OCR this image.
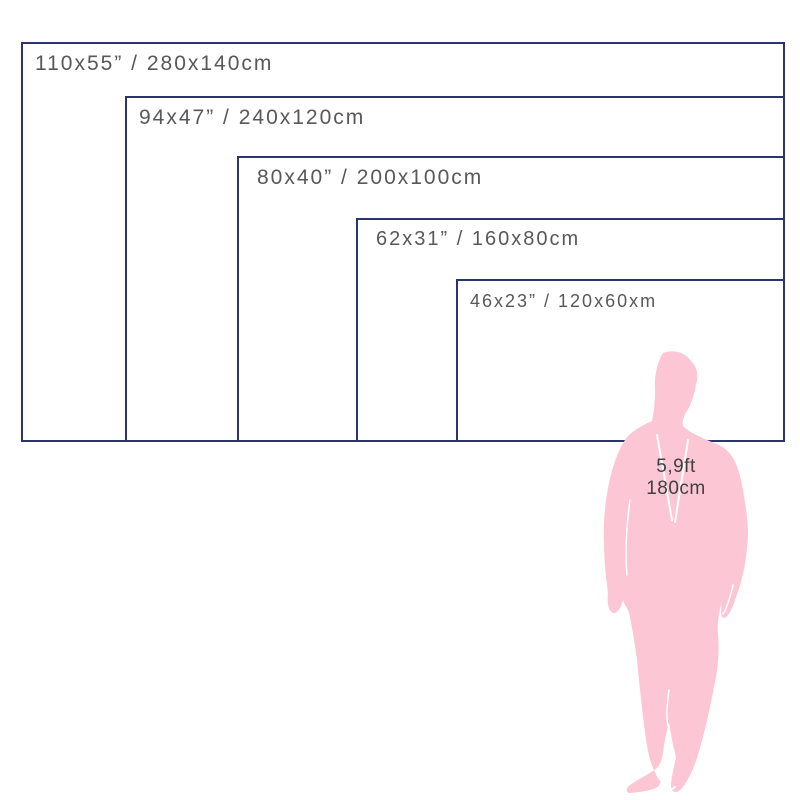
110x55” / 280x140cm
94x47” / 240x120cm
80x40” / 200x100cm
62x31” / 160x80cm
46x23” / 120x60xm
5,9ft
180cm
